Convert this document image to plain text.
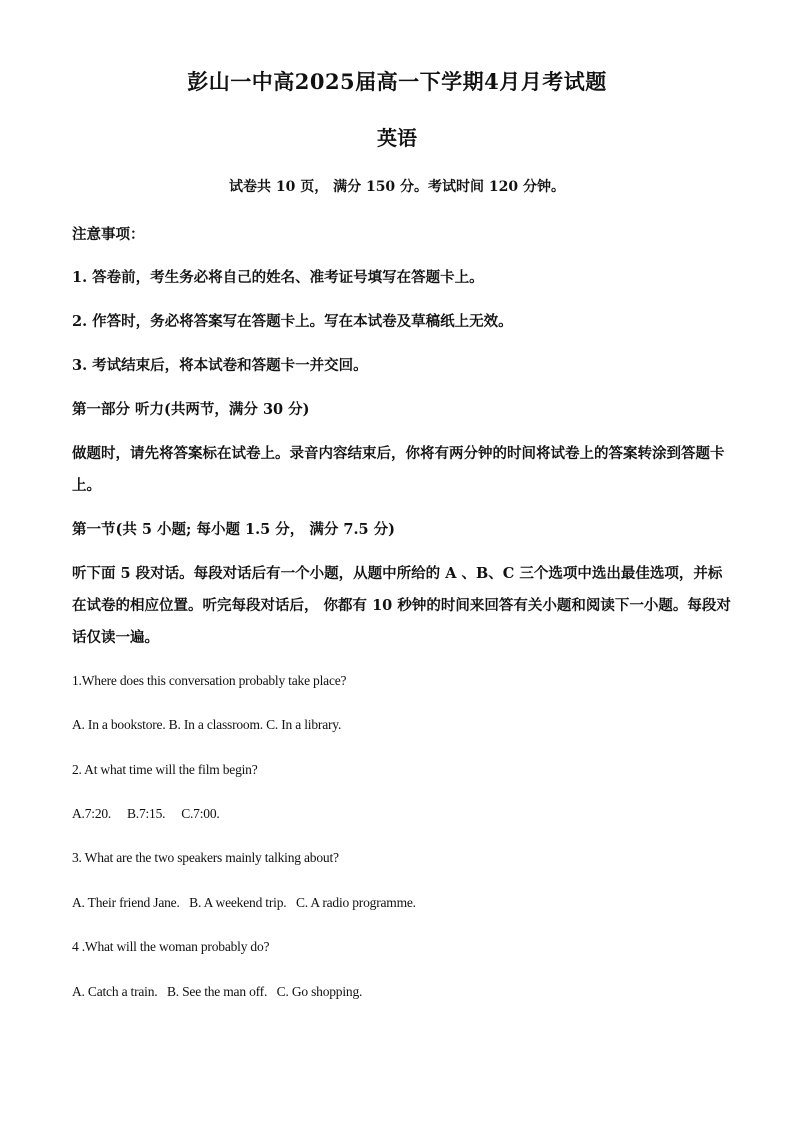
彭山一中高2025届高一下学期4月月考试题
英语
试卷共 10 页， 满分 150 分。考试时间 120 分钟。
注意事项：
1. 答卷前，考生务必将自己的姓名、准考证号填写在答题卡上。
2. 作答时，务必将答案写在答题卡上。写在本试卷及草稿纸上无效。
3. 考试结束后，将本试卷和答题卡一并交回。
第一部分 听力(共两节，满分 30 分)
做题时，请先将答案标在试卷上。录音内容结束后，你将有两分钟的时间将试卷上的答案转涂到答题卡上。
第一节(共 5 小题; 每小题 1.5 分， 满分 7.5 分)
听下面 5 段对话。每段对话后有一个小题，从题中所给的 A 、B、C 三个选项中选出最佳选项，并标在试卷的相应位置。听完每段对话后， 你都有 10 秒钟的时间来回答有关小题和阅读下一小题。每段对话仅读一遍。
1.Where does this conversation probably take place?
A. In a bookstore. B. In a classroom. C. In a library.
2. At what time will the film begin?
A.7:20.     B.7:15.     C.7:00.
3. What are the two speakers mainly talking about?
A. Their friend Jane.   B. A weekend trip.   C. A radio programme.
4 .What will the woman probably do?
A. Catch a train.   B. See the man off.   C. Go shopping.
